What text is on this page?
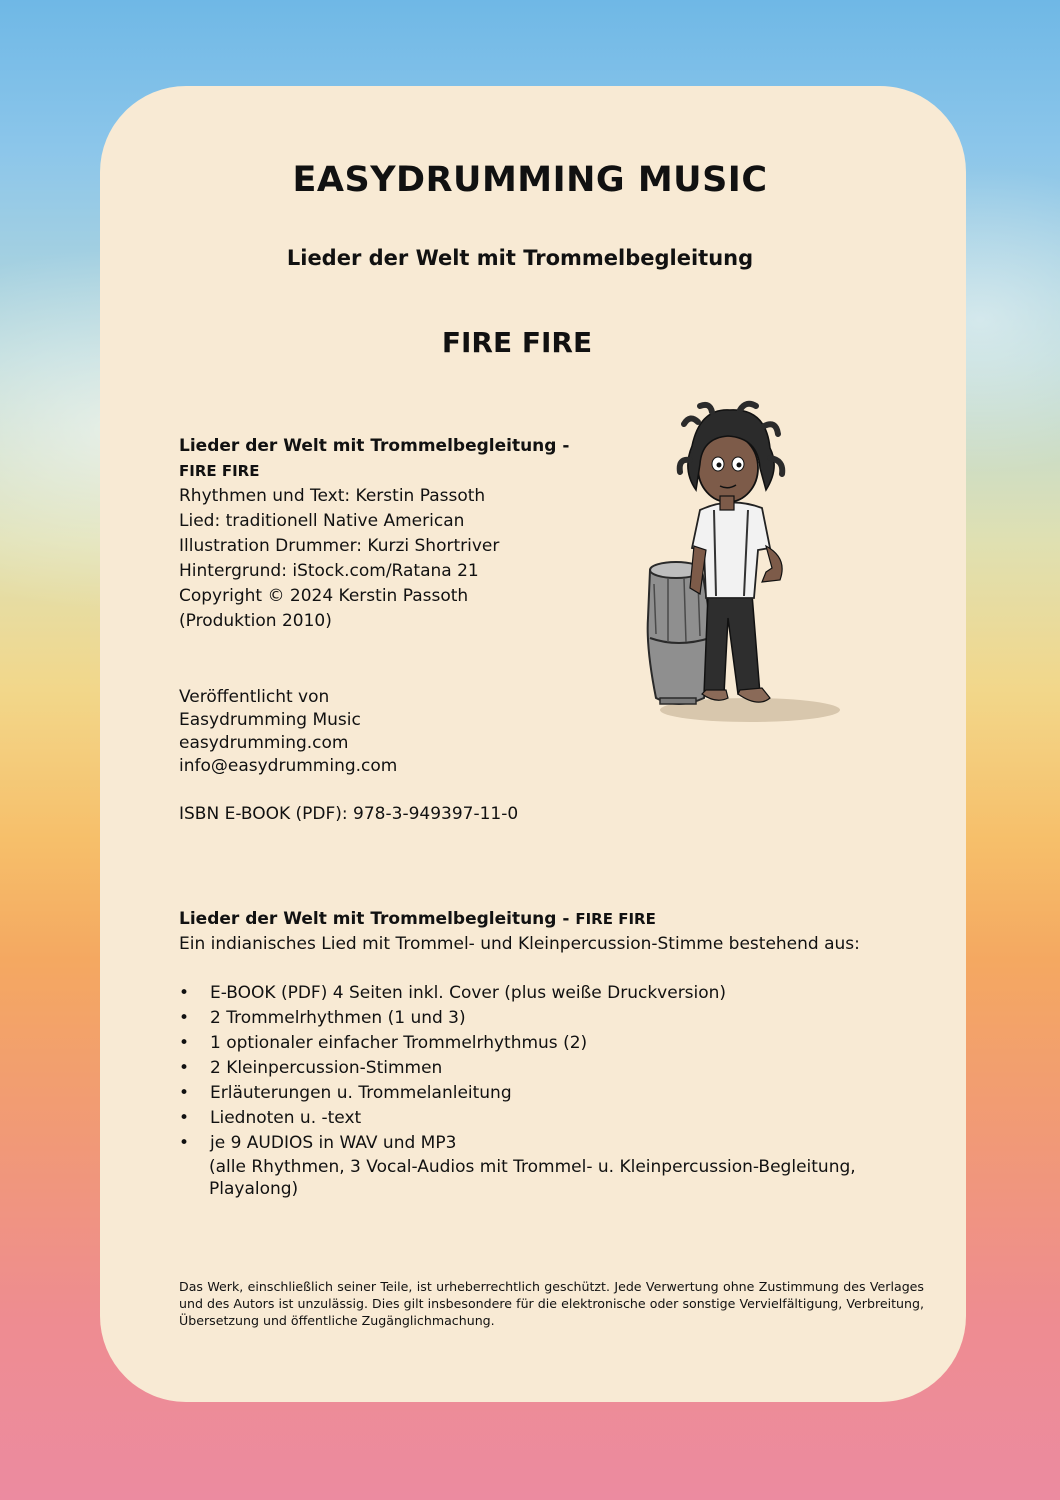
EASYDRUMMING MUSIC
Lieder der Welt mit Trommelbegleitung
FIRE FIRE
Lieder der Welt mit Trommelbegleitung -
FIRE FIRE
Rhythmen und Text: Kerstin Passoth
Lied: traditionell Native American
Illustration Drummer: Kurzi Shortriver
Hintergrund: iStock.com/Ratana 21
Copyright © 2024 Kerstin Passoth
(Produktion 2010)
Veröffentlicht von
Easydrumming Music
easydrumming.com
info@easydrumming.com
ISBN E-BOOK (PDF): 978-3-949397-11-0
Lieder der Welt mit Trommelbegleitung - FIRE FIRE
Ein indianisches Lied mit Trommel- und Kleinpercussion-Stimme bestehend aus:
• E-BOOK (PDF) 4 Seiten inkl. Cover (plus weiße Druckversion)
• 2 Trommelrhythmen (1 und 3)
• 1 optionaler einfacher Trommelrhythmus (2)
• 2 Kleinpercussion-Stimmen
• Erläuterungen u. Trommelanleitung
• Liednoten u. -text
• je 9 AUDIOS in WAV und MP3
(alle Rhythmen, 3 Vocal-Audios mit Trommel- u. Kleinpercussion-Begleitung, Playalong)
Das Werk, einschließlich seiner Teile, ist urheberrechtlich geschützt. Jede Verwertung ohne Zustimmung des Verlages und des Autors ist unzulässig. Dies gilt insbesondere für die elektronische oder sonstige Vervielfältigung, Verbreitung, Übersetzung und öffentliche Zugänglichmachung.
